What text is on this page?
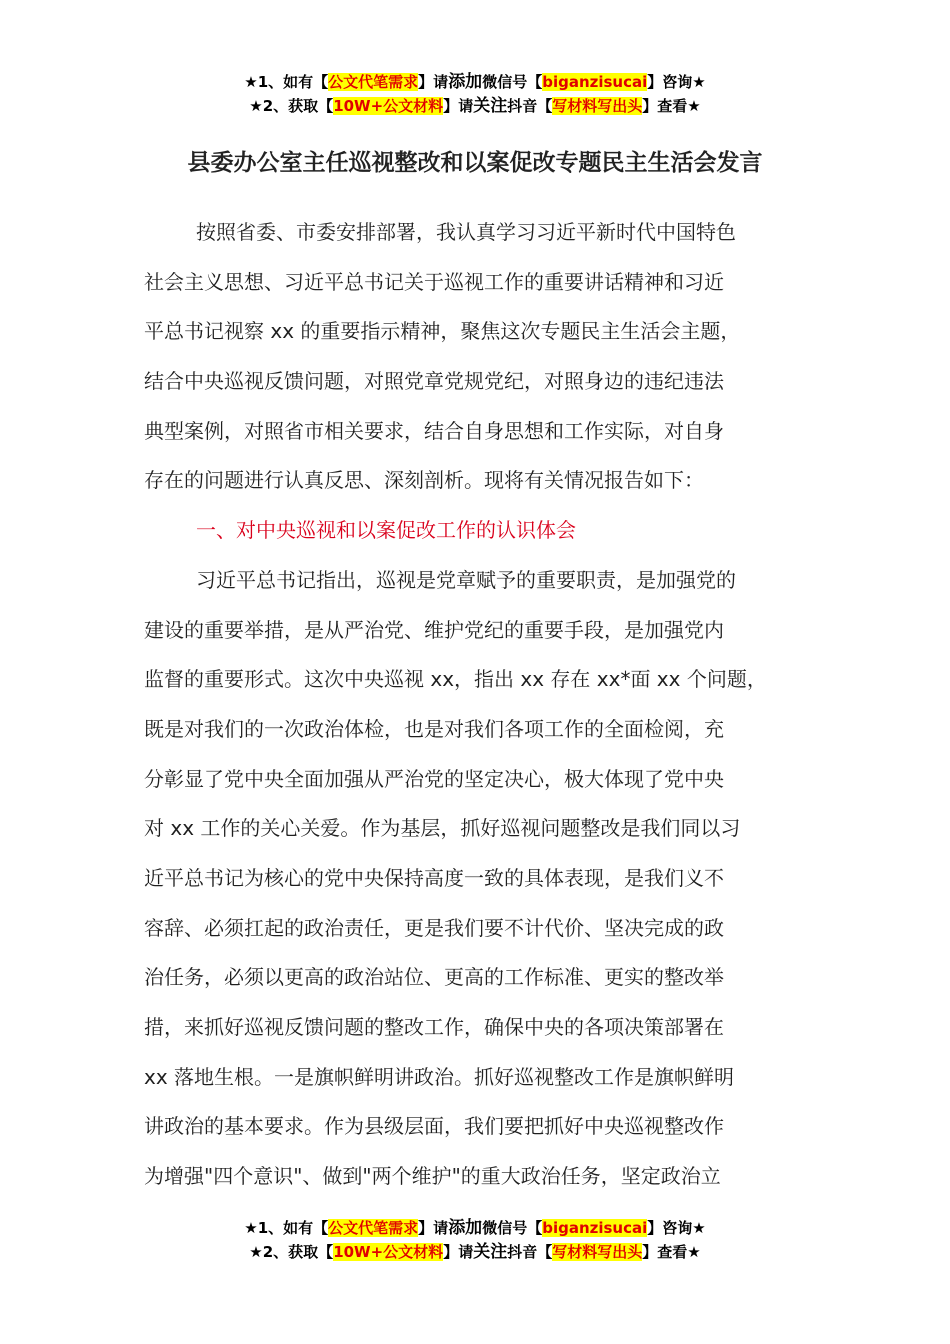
★1、如有【公文代笔需求】请添加微信号【biganzisucai】咨询★
★2、获取【10W+公文材料】请关注抖音【写材料写出头】查看★
县委办公室主任巡视整改和以案促改专题民主生活会发言
按照省委、市委安排部署，我认真学习习近平新时代中国特色
社会主义思想、习近平总书记关于巡视工作的重要讲话精神和习近
平总书记视察 xx 的重要指示精神，聚焦这次专题民主生活会主题，
结合中央巡视反馈问题，对照党章党规党纪，对照身边的违纪违法
典型案例，对照省市相关要求，结合自身思想和工作实际，对自身
存在的问题进行认真反思、深刻剖析。现将有关情况报告如下：
一、对中央巡视和以案促改工作的认识体会
习近平总书记指出，巡视是党章赋予的重要职责，是加强党的
建设的重要举措，是从严治党、维护党纪的重要手段，是加强党内
监督的重要形式。这次中央巡视 xx，指出 xx 存在 xx*面 xx 个问题，
既是对我们的一次政治体检，也是对我们各项工作的全面检阅，充
分彰显了党中央全面加强从严治党的坚定决心，极大体现了党中央
对 xx 工作的关心关爱。作为基层，抓好巡视问题整改是我们同以习
近平总书记为核心的党中央保持高度一致的具体表现，是我们义不
容辞、必须扛起的政治责任，更是我们要不计代价、坚决完成的政
治任务，必须以更高的政治站位、更高的工作标准、更实的整改举
措，来抓好巡视反馈问题的整改工作，确保中央的各项决策部署在
xx 落地生根。一是旗帜鲜明讲政治。抓好巡视整改工作是旗帜鲜明
讲政治的基本要求。作为县级层面，我们要把抓好中央巡视整改作
为增强"四个意识"、做到"两个维护"的重大政治任务，坚定政治立
★1、如有【公文代笔需求】请添加微信号【biganzisucai】咨询★
★2、获取【10W+公文材料】请关注抖音【写材料写出头】查看★
